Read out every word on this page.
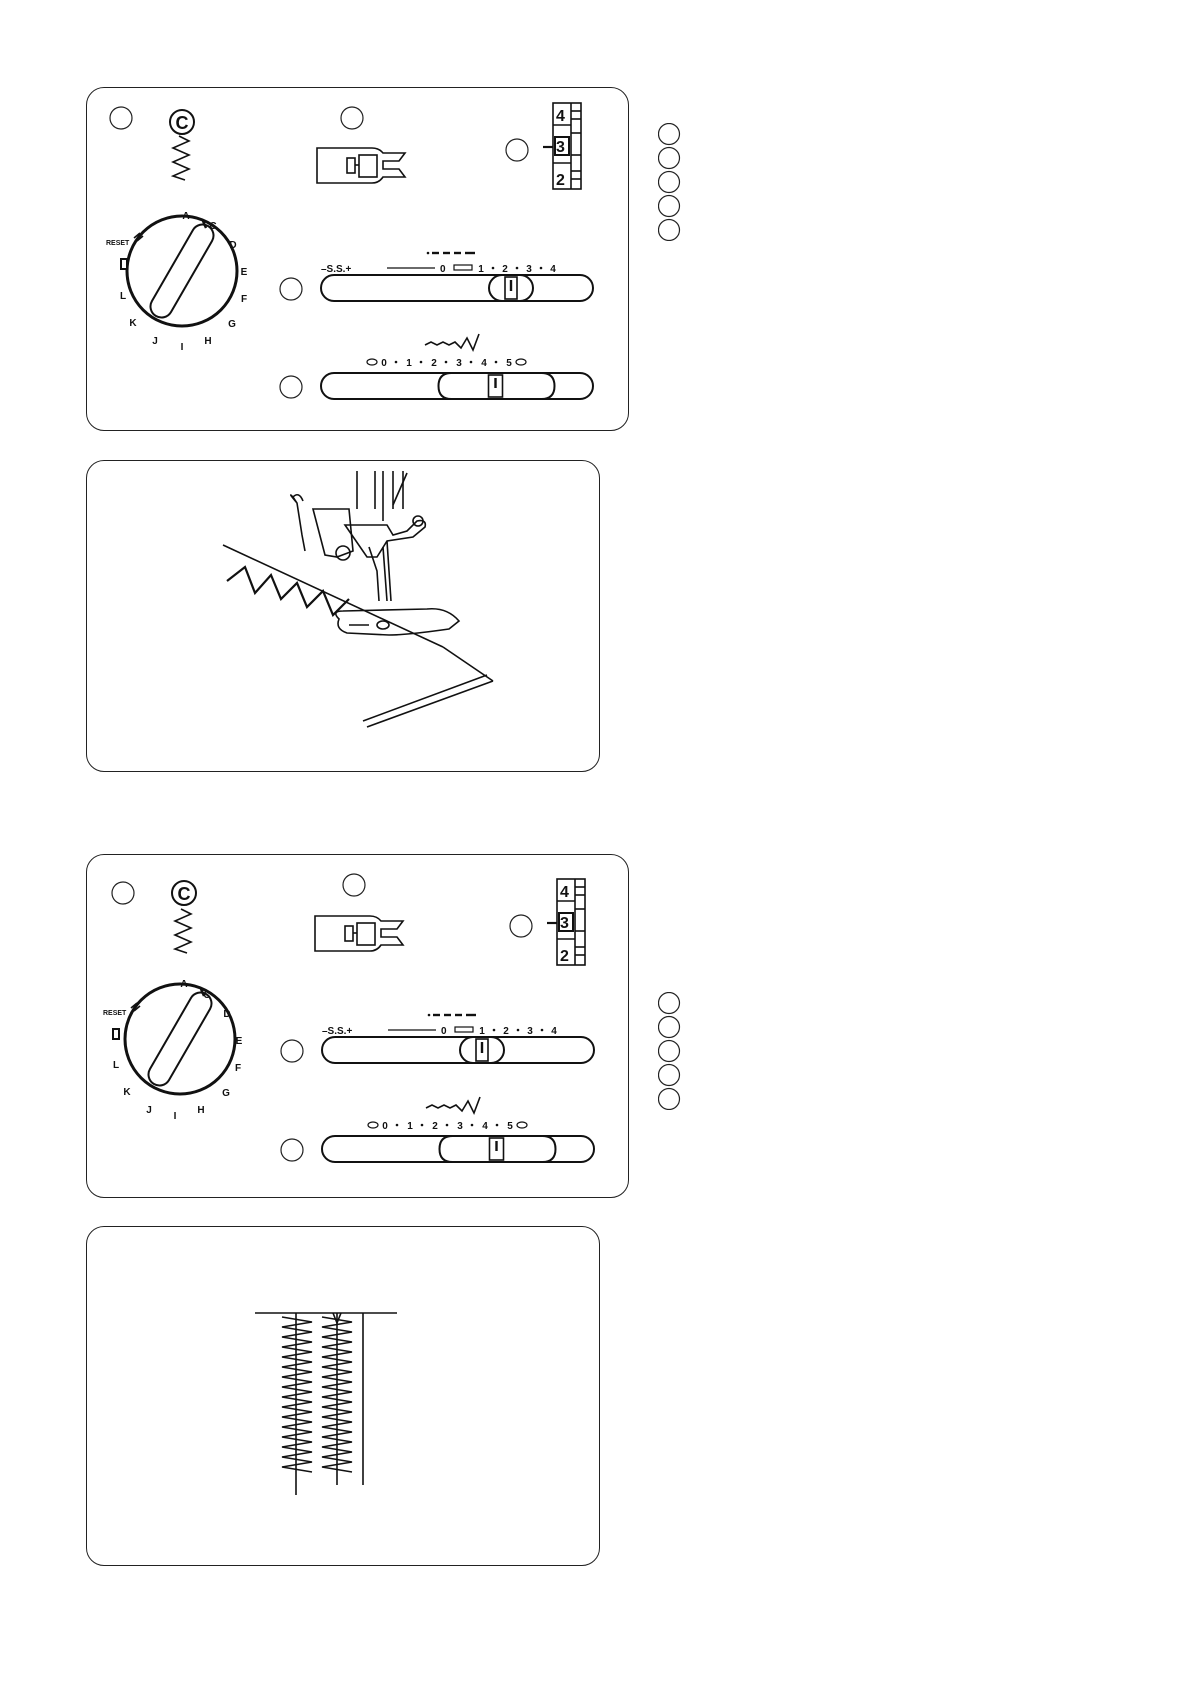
C	4
3
2
RESET
A
C
D
E
F
G
H
I
J
K
L
–S.S.+	0	1 2 3 4
0 1 2 3 4 5
C	4
3
2
RESET
A
C
D
E
F
G
H
I
J
K
L
–S.S.+	0	1 2 3 4
0 1 2 3 4 5
